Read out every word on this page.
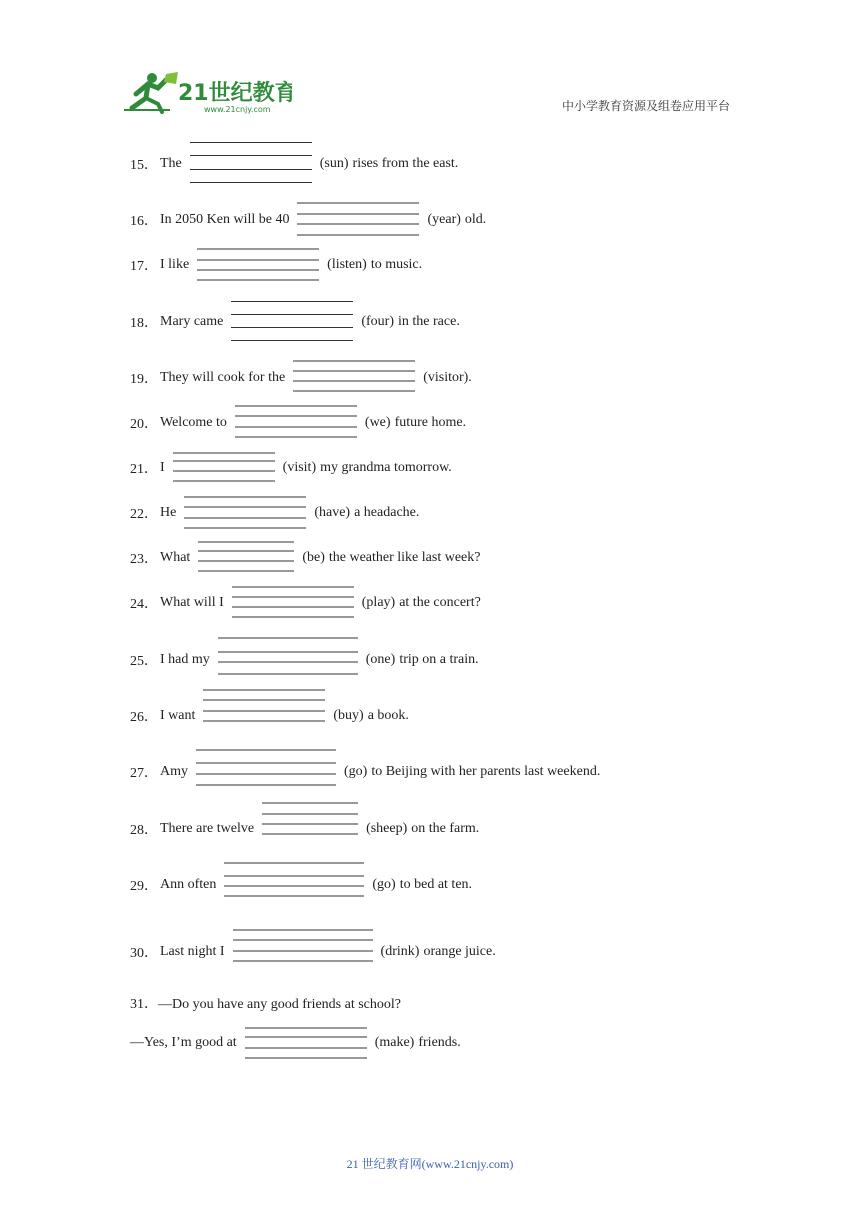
21世纪教育
www.21cnjy.com	中小学教育资源及组卷应用平台
15． The	(sun) rises from the east.
16． In 2050 Ken will be 40	(year) old.
17． I like	(listen) to music.
18． Mary came	(four) in the race.
19． They will cook for the	(visitor).
20． Welcome to	(we) future home.
21． I	(visit) my grandma tomorrow.
22． He	(have) a headache.
23． What	(be) the weather like last week?
24． What will I	(play) at the concert?
25． I had my	(one) trip on a train.
26． I want	(buy) a book.
27． Amy	(go) to Beijing with her parents last weekend.
28． There are twelve	(sheep) on the farm.
29． Ann often	(go) to bed at ten.
30． Last night I	(drink) orange juice.
31．—Do you have any good friends at school?
—Yes, I’m good at	(make) friends.
21 世纪教育网(www.21cnjy.com)
